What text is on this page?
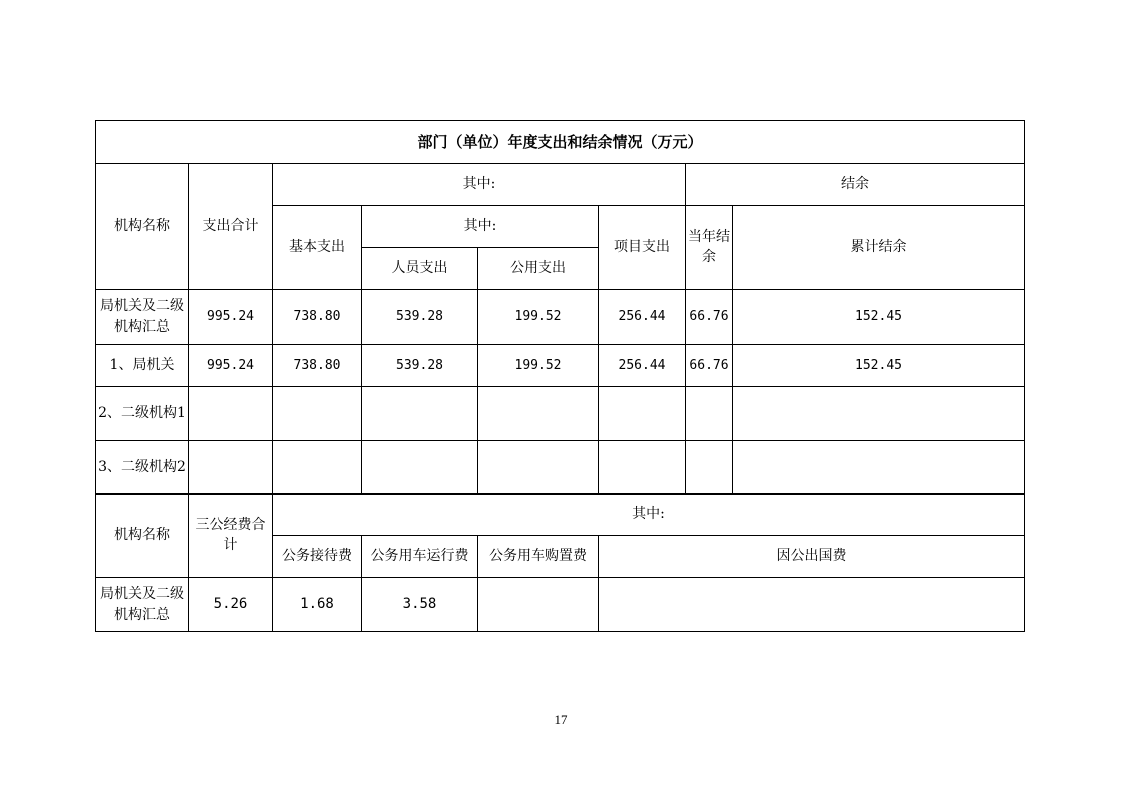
部门（单位）年度支出和结余情况（万元）							
机构名称	支出合计	其中:				结余	
		基本支出	其中:		项目支出	当年结余	累计结余
			人员支出	公用支出			
局机关及二级机构汇总	995.24	738.80	539.28	199.52	256.44	66.76	152.45
1、局机关	995.24	738.80	539.28	199.52	256.44	66.76	152.45
2、二级机构1							
3、二级机构2							
机构名称	三公经费合计	其中:			
		公务接待费	公务用车运行费	公务用车购置费	因公出国费
局机关及二级机构汇总	5.26	1.68	3.58		
17
